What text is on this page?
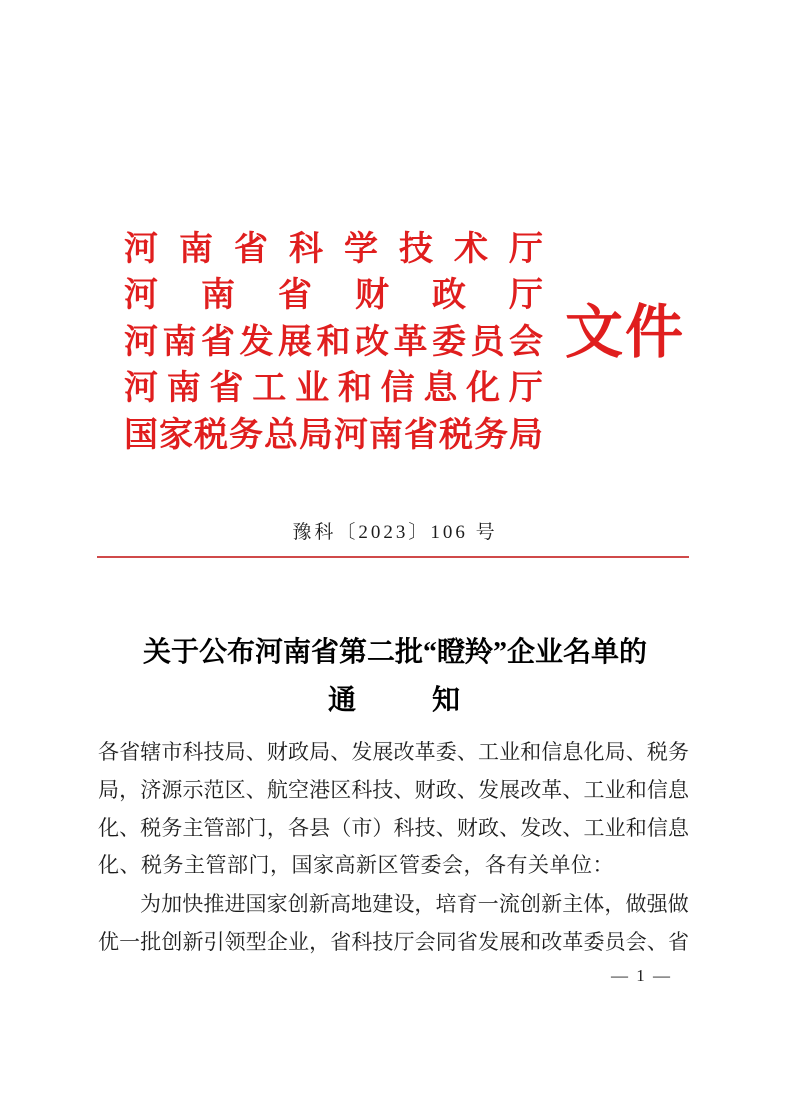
河 南 省 科 学 技 术 厅
河 南 省 财 政 厅
河 南 省 发 展 和 改 革 委 员 会
河 南 省 工 业 和 信 息 化 厅
国 家 税 务 总 局 河 南 省 税 务 局
文件
豫科〔2023〕106 号
关于公布河南省第二批“瞪羚”企业名单的
通	知
各 省 辖 市 科 技 局 、 财 政 局 、 发 展 改 革 委 、 工 业 和 信 息 化 局 、 税 务
局 ， 济 源 示 范 区 、 航 空 港 区 科 技 、 财 政 、 发 展 改 革 、 工 业 和 信 息
化 、 税 务 主 管 部 门 ， 各 县 （ 市 ） 科 技 、 财 政 、 发 改 、 工 业 和 信 息
化、税务主管部门，国家高新区管委会，各有关单位：
为 加 快 推 进 国 家 创 新 高 地 建 设 ， 培 育 一 流 创 新 主 体 ， 做 强 做
优 一 批 创 新 引 领 型 企 业 ， 省 科 技 厅 会 同 省 发 展 和 改 革 委 员 会 、 省
— 1 —
